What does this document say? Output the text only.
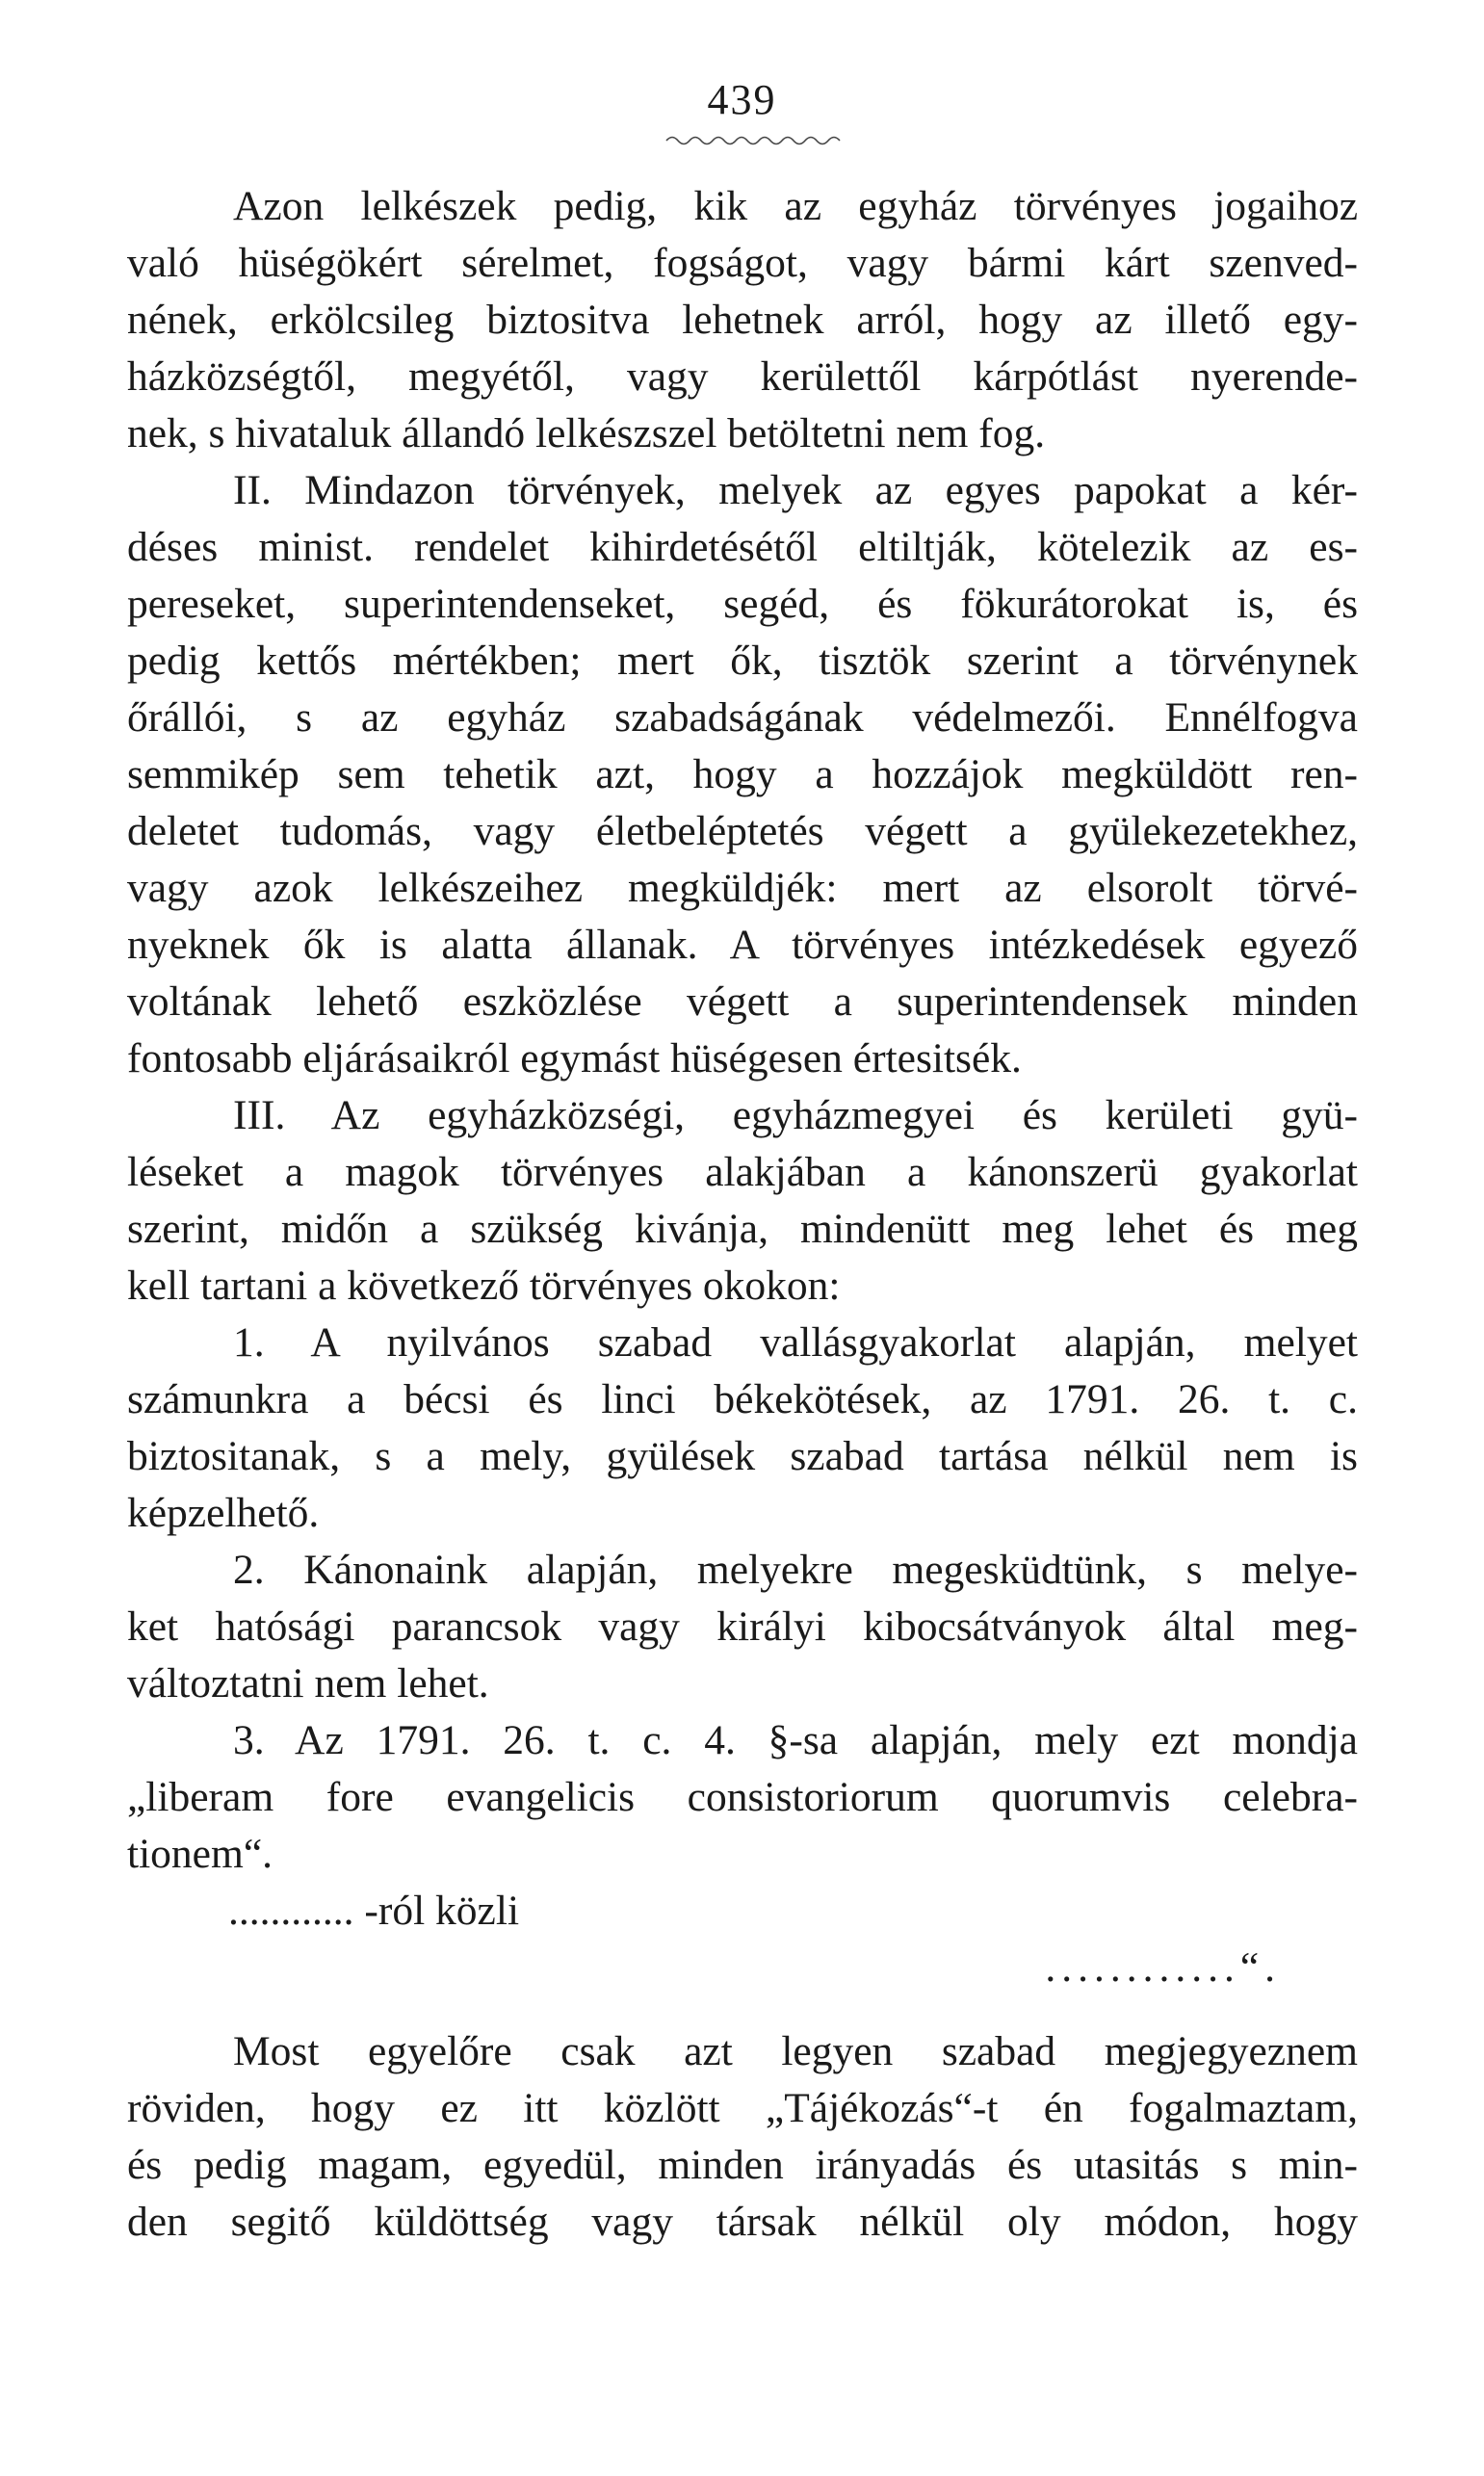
439
Azon lelkészek pedig, kik az egyház törvényes jogaihoz
való hüségökért sérelmet, fogságot, vagy bármi kárt szenved-
nének, erkölcsileg biztositva lehetnek arról, hogy az illető egy-
házközségtől, megyétől, vagy kerülettől kárpótlást nyerende-
nek, s hivataluk állandó lelkészszel betöltetni nem fog.
II. Mindazon törvények, melyek az egyes papokat a kér-
déses minist. rendelet kihirdetésétől eltiltják, kötelezik az es-
pereseket, superintendenseket, segéd, és fökurátorokat is, és
pedig kettős mértékben; mert ők, tisztök szerint a törvénynek
őrállói, s az egyház szabadságának védelmezői. Ennélfogva
semmikép sem tehetik azt, hogy a hozzájok megküldött ren-
deletet tudomás, vagy életbeléptetés végett a gyülekezetekhez,
vagy azok lelkészeihez megküldjék: mert az elsorolt törvé-
nyeknek ők is alatta állanak. A törvényes intézkedések egyező
voltának lehető eszközlése végett a superintendensek minden
fontosabb eljárásaikról egymást hüségesen értesitsék.
III. Az egyházközségi, egyházmegyei és kerületi gyü-
léseket a magok törvényes alakjában a kánonszerü gyakorlat
szerint, midőn a szükség kivánja, mindenütt meg lehet és meg
kell tartani a következő törvényes okokon:
1. A nyilvános szabad vallásgyakorlat alapján, melyet
számunkra a bécsi és linci békekötések, az 1791. 26. t. c.
biztositanak, s a mely, gyülések szabad tartása nélkül nem is
képzelhető.
2. Kánonaink alapján, melyekre megesküdtünk, s melye-
ket hatósági parancsok vagy királyi kibocsátványok által meg-
változtatni nem lehet.
3. Az 1791. 26. t. c. 4. §-sa alapján, mely ezt mondja
„liberam fore evangelicis consistoriorum quorumvis celebra-
tionem“.
............ -ról közli
............“.
Most egyelőre csak azt legyen szabad megjegyeznem
röviden, hogy ez itt közlött „Tájékozás“-t én fogalmaztam,
és pedig magam, egyedül, minden irányadás és utasitás s min-
den segitő küldöttség vagy társak nélkül oly módon, hogy
